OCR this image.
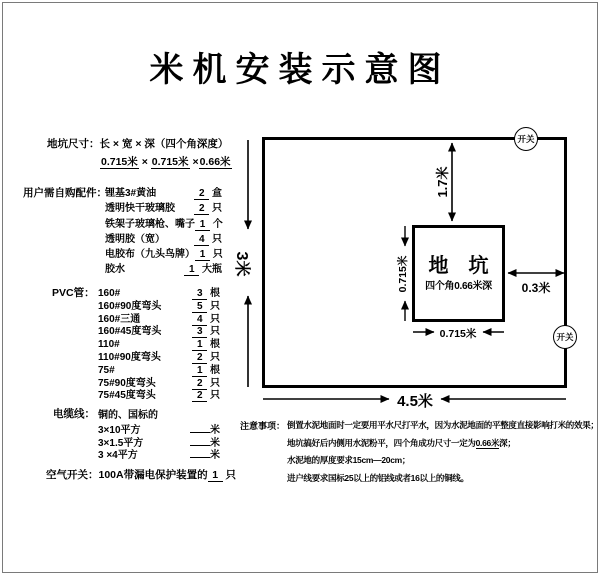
米机安装示意图
地坑尺寸：长 × 宽 × 深（四个角深度）
0.715米 × 0.715米 ×0.66米
用户需自购配件：
锂基3#黄油	2 盒
透明快干玻璃胶	2 只
铁架子玻璃枪、嘴子 1 个
透明胶（宽）	4 只
电胶布（九头鸟牌） 1 只
胶水	1 大瓶
PVC管： 160#	3 根
160#90度弯头	5 只
160#三通	4 只
160#45度弯头	3 只
110#	1 根
110#90度弯头	2 只
75#	1 根
75#90度弯头	2 只
75#45度弯头	2 只
电缆线： 铜的、国标的
3×10平方	米
3×1.5平方	米
3 ×4平方	米
空气开关：100A带漏电保护装置的 1 只
地　坑
四个角0.66米深
1.7米
3米	0.715米
0.715米
0.3米
4.5米
开关
开关
注意事项： 倒置水泥地面时一定要用平水尺打平水，因为水泥地面的平整度直接影响打米的效果；
地坑搞好后内侧用水泥粉平，四个角成功尺寸一定为0.66米深；
水泥地的厚度要求15cm—20cm；
进户线要求国标25以上的铝线或者16以上的铜线。
